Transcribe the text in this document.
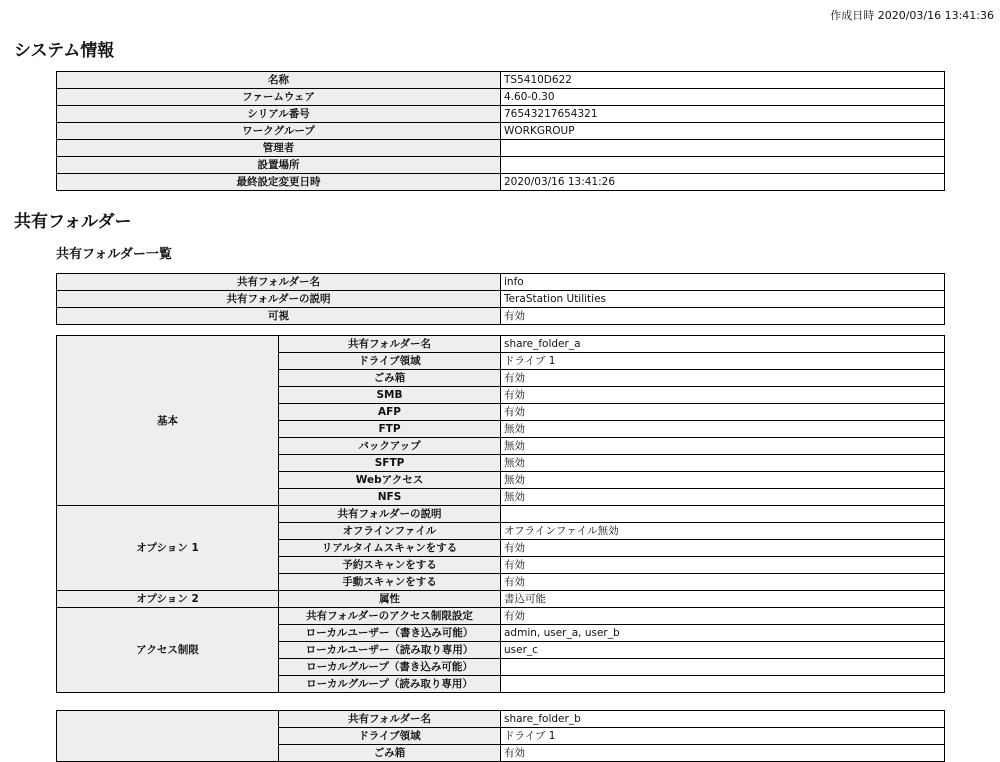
作成日時 2020/03/16 13:41:36
システム情報
名称	TS5410D622
ファームウェア	4.60-0.30
シリアル番号	76543217654321
ワークグループ	WORKGROUP
管理者	
設置場所	
最終設定変更日時	2020/03/16 13:41:26
共有フォルダー
共有フォルダー一覧
共有フォルダー名	info
共有フォルダーの説明	TeraStation Utilities
可視	有効
基本	共有フォルダー名	share_folder_a
	ドライブ領域	ドライブ 1
	ごみ箱	有効
	SMB	有効
	AFP	有効
	FTP	無効
	バックアップ	無効
	SFTP	無効
	Webアクセス	無効
	NFS	無効
オプション 1	共有フォルダーの説明	
	オフラインファイル	オフラインファイル無効
	リアルタイムスキャンをする	有効
	予約スキャンをする	有効
	手動スキャンをする	有効
オプション 2	属性	書込可能
アクセス制限	共有フォルダーのアクセス制限設定	有効
	ローカルユーザー（書き込み可能）	admin, user_a, user_b
	ローカルユーザー（読み取り専用）	user_c
	ローカルグループ（書き込み可能）	
	ローカルグループ（読み取り専用）	
	共有フォルダー名	share_folder_b
	ドライブ領域	ドライブ 1
	ごみ箱	有効
